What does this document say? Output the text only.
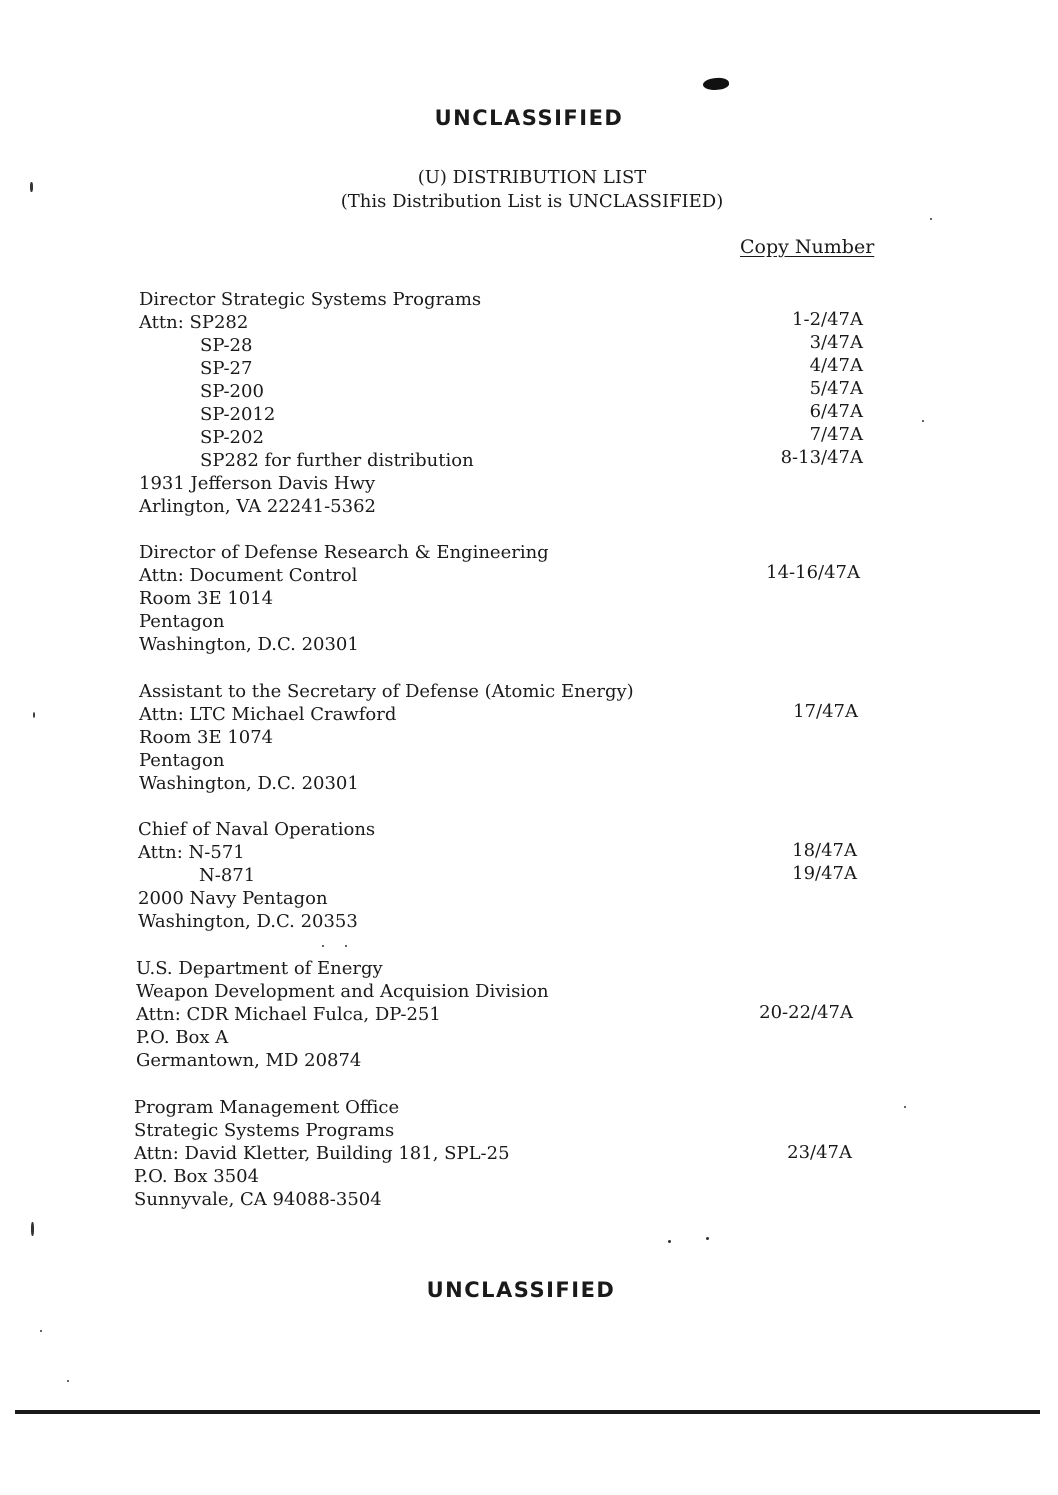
UNCLASSIFIED
(U) DISTRIBUTION LIST
(This Distribution List is UNCLASSIFIED)
Copy Number
Director Strategic Systems Programs
Attn: SP282
SP-28
SP-27
SP-200
SP-2012
SP-202
SP282 for further distribution
1931 Jefferson Davis Hwy
Arlington, VA 22241-5362
1-2/47A
3/47A
4/47A
5/47A
6/47A
7/47A
8-13/47A
Director of Defense Research & Engineering
Attn: Document Control
Room 3E 1014
Pentagon
Washington, D.C. 20301
14-16/47A
Assistant to the Secretary of Defense (Atomic Energy)
Attn: LTC Michael Crawford
Room 3E 1074
Pentagon
Washington, D.C. 20301
17/47A
Chief of Naval Operations
Attn: N-571
N-871
2000 Navy Pentagon
Washington, D.C. 20353
18/47A
19/47A
U.S. Department of Energy
Weapon Development and Acquision Division
Attn: CDR Michael Fulca, DP-251
P.O. Box A
Germantown, MD 20874
20-22/47A
Program Management Office
Strategic Systems Programs
Attn: David Kletter, Building 181, SPL-25
P.O. Box 3504
Sunnyvale, CA 94088-3504
23/47A
UNCLASSIFIED
